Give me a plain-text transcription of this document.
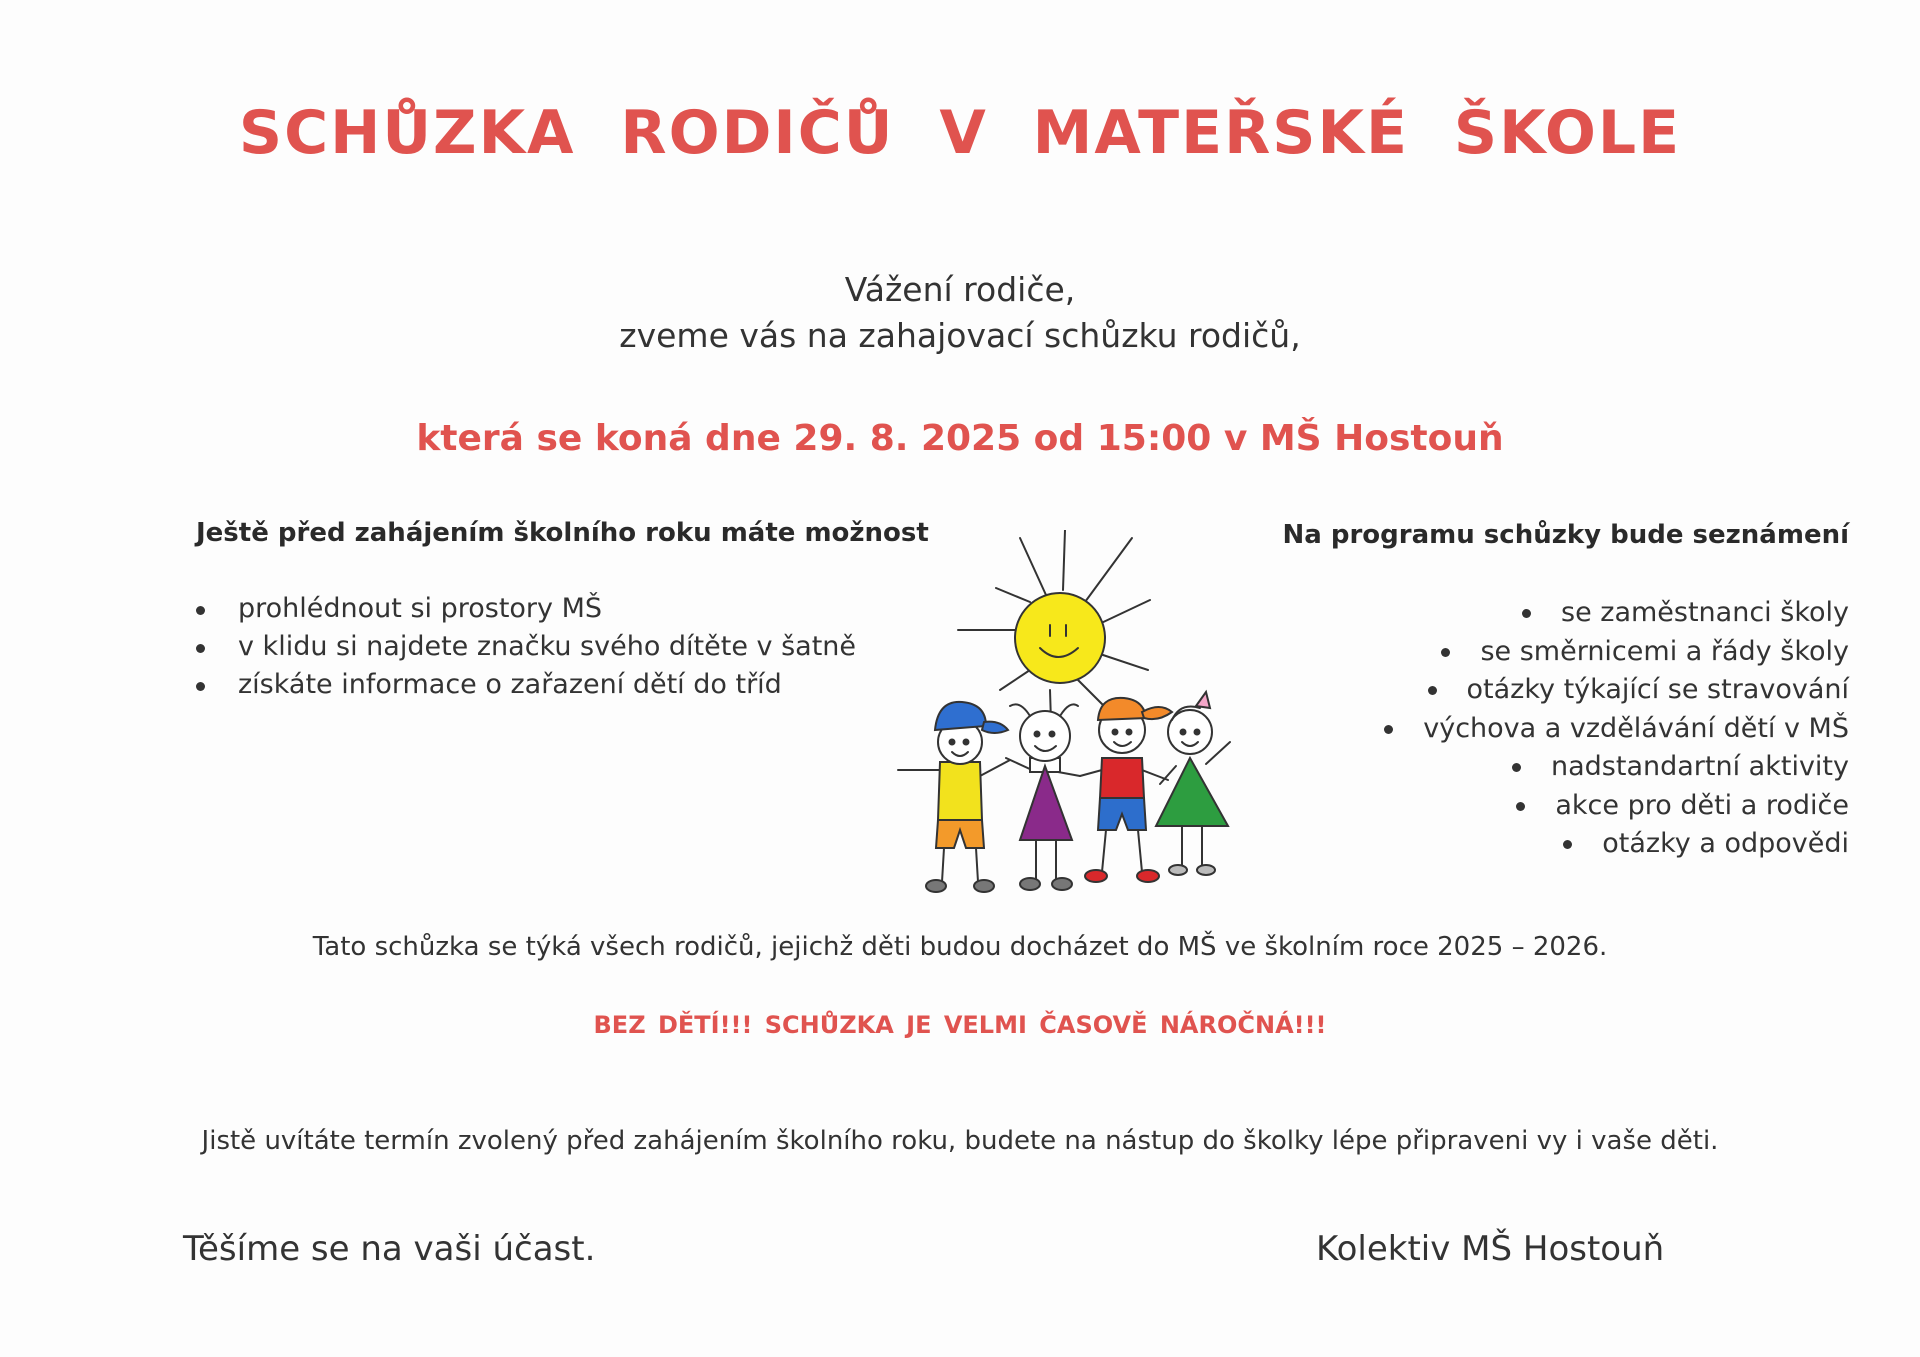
SCHŮZKA RODIČŮ V MATEŘSKÉ ŠKOLE
Vážení rodiče,
zveme vás na zahajovací schůzku rodičů,
která se koná dne 29. 8. 2025 od 15:00 v MŠ Hostouň
Ještě před zahájením školního roku máte možnost
prohlédnout si prostory MŠ
v klidu si najdete značku svého dítěte v šatně
získáte informace o zařazení dětí do tříd
Na programu schůzky bude seznámení
se zaměstnanci školy
se směrnicemi a řády školy
otázky týkající se stravování
výchova a vzdělávání dětí v MŠ
nadstandartní aktivity
akce pro děti a rodiče
otázky a odpovědi
Tato schůzka se týká všech rodičů, jejichž děti budou docházet do MŠ ve školním roce 2025 – 2026.
BEZ DĚTÍ!!! SCHŮZKA JE VELMI ČASOVĚ NÁROČNÁ!!!
Jistě uvítáte termín zvolený před zahájením školního roku, budete na nástup do školky lépe připraveni vy i vaše děti.
Těšíme se na vaši účast.	Kolektiv MŠ Hostouň
